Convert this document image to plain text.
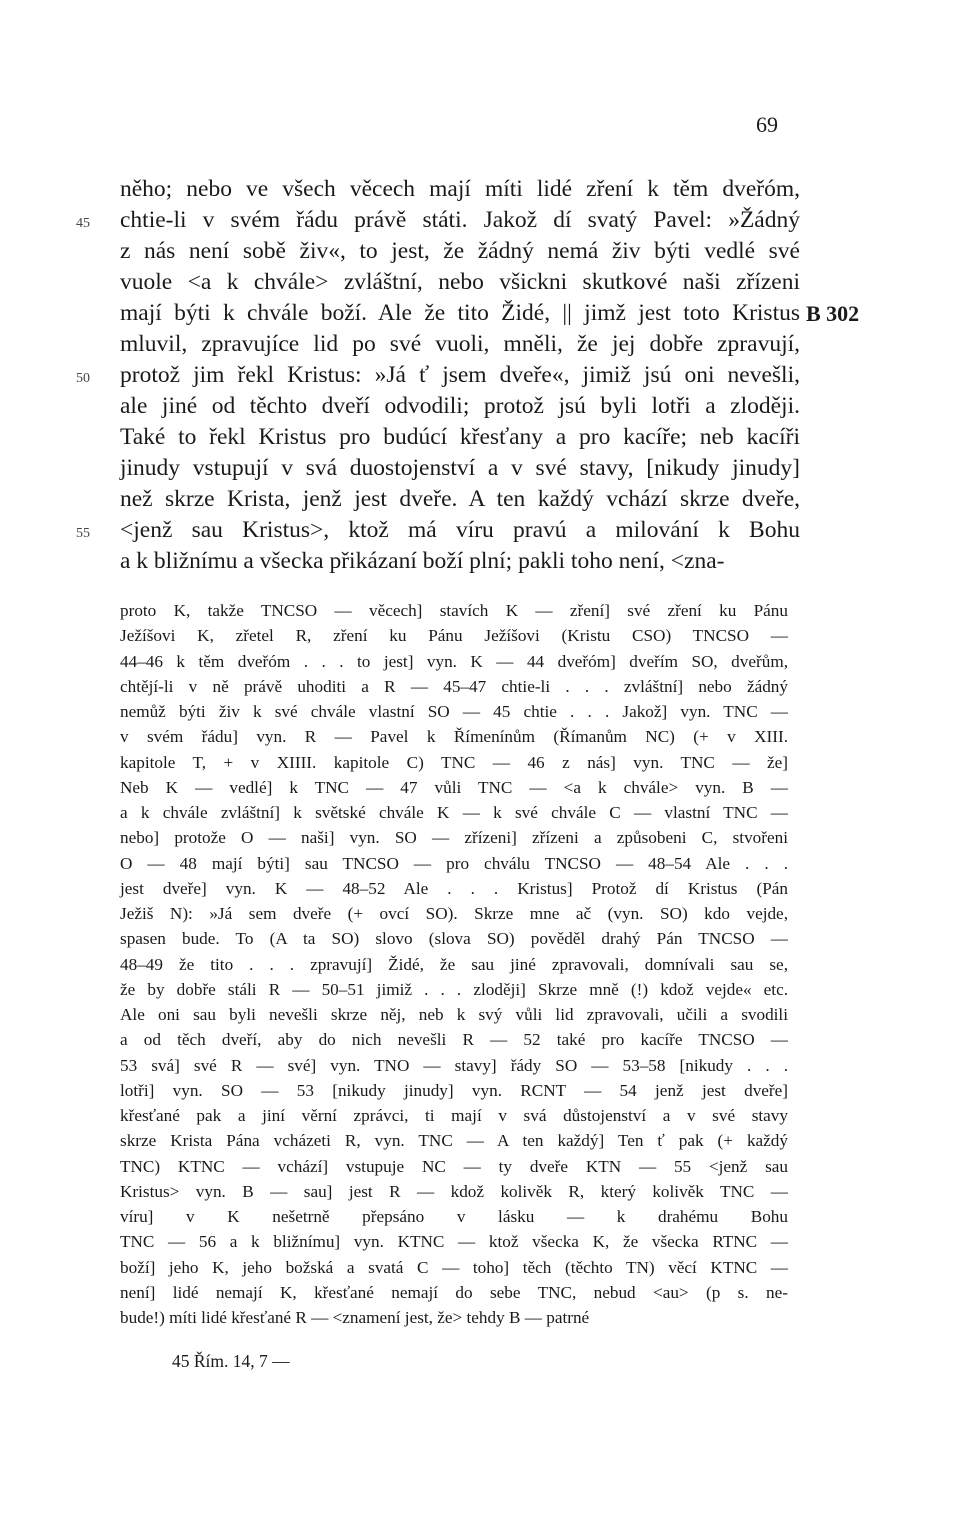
69
něho; nebo ve všech věcech mají míti lidé zření k těm dveřóm,
45 chtie-li v svém řádu právě státi. Jakož dí svatý Pavel: »Žádný
z nás není sobě živ«, to jest, že žádný nemá živ býti vedlé své
vuole <a k chvále> zvláštní, nebo všickni skutkové naši zřízeni
mají býti k chvále boží. Ale že tito Židé, || jimž jest toto Kristus B 302
mluvil, zpravujíce lid po své vuoli, mněli, že jej dobře zpravují,
50 protož jim řekl Kristus: »Já ť jsem dveře«, jimiž jsú oni nevešli,
ale jiné od těchto dveří odvodili; protož jsú byli lotři a zloději.
Také to řekl Kristus pro budúcí křesťany a pro kacíře; neb kacíři
jinudy vstupují v svá duostojenství a v své stavy, [nikudy jinudy]
než skrze Krista, jenž jest dveře. A ten každý vchází skrze dveře,
55 <jenž sau Kristus>, ktož má víru pravú a milování k Bohu
a k bližnímu a všecka přikázaní boží plní; pakli toho není, <zna-
proto K, takže TNCSO — věcech] stavích K — zření] své zření ku Pánu
Ježíšovi K, zřetel R, zření ku Pánu Ježíšovi (Kristu CSO) TNCSO —
44–46 k těm dveřóm . . . to jest] vyn. K — 44 dveřóm] dveřím SO, dveřům,
chtějí-li v ně právě uhoditi a R — 45–47 chtie-li . . . zvláštní] nebo žádný
nemůž býti živ k své chvále vlastní SO — 45 chtie . . . Jakož] vyn. TNC —
v svém řádu] vyn. R — Pavel k Římenínům (Římanům NC) (+ v XIII.
kapitole T, + v XIIII. kapitole C) TNC — 46 z nás] vyn. TNC — že]
Neb K — vedlé] k TNC — 47 vůli TNC — <a k chvále> vyn. B —
a k chvále zvláštní] k světské chvále K — k své chvále C — vlastní TNC —
nebo] protože O — naši] vyn. SO — zřízeni] zřízeni a způsobeni C, stvořeni
O — 48 mají býti] sau TNCSO — pro chválu TNCSO — 48–54 Ale . . .
jest dveře] vyn. K — 48–52 Ale . . . Kristus] Protož dí Kristus (Pán
Ježiš N): »Já sem dveře (+ ovcí SO). Skrze mne ač (vyn. SO) kdo vejde,
spasen bude. To (A ta SO) slovo (slova SO) pověděl drahý Pán TNCSO —
48–49 že tito . . . zpravují] Židé, že sau jiné zpravovali, domnívali sau se,
že by dobře stáli R — 50–51 jimiž . . . zloději] Skrze mně (!) kdož vejde« etc.
Ale oni sau byli nevešli skrze něj, neb k svý vůli lid zpravovali, učili a svodili
a od těch dveří, aby do nich nevešli R — 52 také pro kacíře TNCSO —
53 svá] své R — své] vyn. TNO — stavy] řády SO — 53–58 [nikudy . . .
lotři] vyn. SO — 53 [nikudy jinudy] vyn. RCNT — 54 jenž jest dveře]
křesťané pak a jiní věrní zprávci, ti mají v svá důstojenství a v své stavy
skrze Krista Pána vcházeti R, vyn. TNC — A ten každý] Ten ť pak (+ každý
TNC) KTNC — vchází] vstupuje NC — ty dveře KTN — 55 <jenž sau
Kristus> vyn. B — sau] jest R — kdož kolivěk R, který kolivěk TNC —
víru] v K nešetrně přepsáno v lásku — k drahému Bohu
TNC — 56 a k bližnímu] vyn. KTNC — ktož všecka K, že všecka RTNC —
boží] jeho K, jeho božská a svatá C — toho] těch (těchto TN) věcí KTNC —
není] lidé nemají K, křesťané nemají do sebe TNC, nebud <au> (p s. ne-
bude!) míti lidé křesťané R — <znamení jest, že> tehdy B — patrné
45 Řím. 14, 7 —
